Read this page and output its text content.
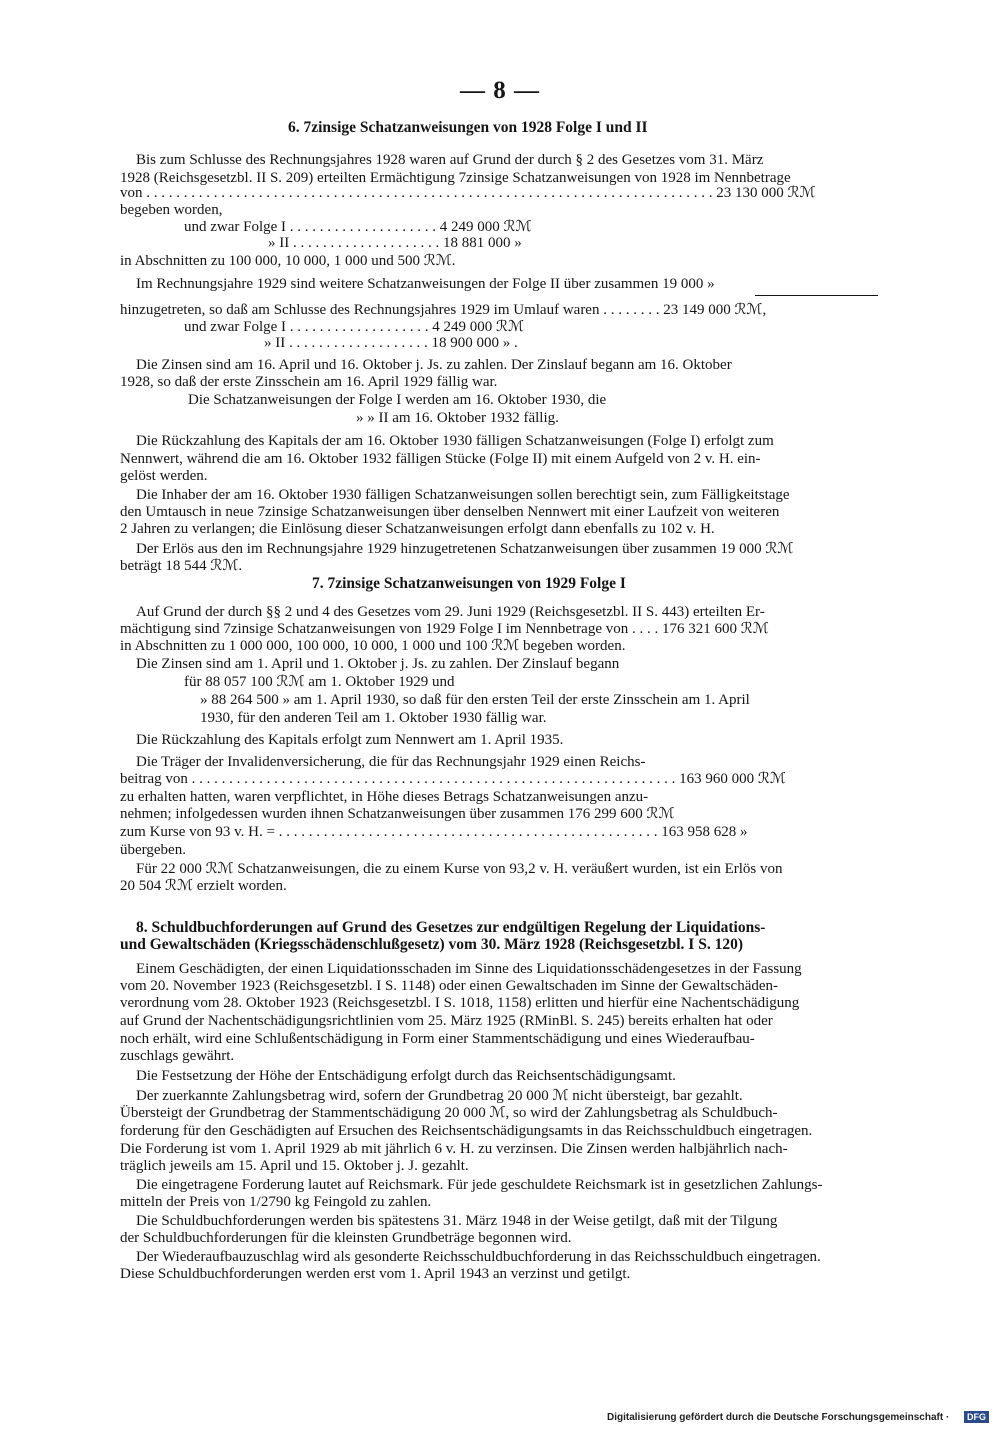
— 8 —
6. 7zinsige Schatzanweisungen von 1928 Folge I und II
Bis zum Schlusse des Rechnungsjahres 1928 waren auf Grund der durch § 2 des Gesetzes vom 31. März
1928 (Reichsgesetzbl. II S. 209) erteilten Ermächtigung 7zinsige Schatzanweisungen von 1928 im Nennbetrage
von . . . . . . . . . . . . . . . . . . . . . . . . . . . . . . . . . . . . . . . . . . . . . . . . . . . . . . . . . . . . . . . . . . . . . . . . . . . . 23 130 000 ℛℳ
begeben worden,
und zwar Folge I . . . . . . . . . . . . . . . . . . . . 4 249 000 ℛℳ
» II . . . . . . . . . . . . . . . . . . . . 18 881 000 »
in Abschnitten zu 100 000, 10 000, 1 000 und 500 ℛℳ.
Im Rechnungsjahre 1929 sind weitere Schatzanweisungen der Folge II über zusammen 19 000 »
hinzugetreten, so daß am Schlusse des Rechnungsjahres 1929 im Umlauf waren . . . . . . . . 23 149 000 ℛℳ,
und zwar Folge I . . . . . . . . . . . . . . . . . . . 4 249 000 ℛℳ
» II . . . . . . . . . . . . . . . . . . . 18 900 000 » .
Die Zinsen sind am 16. April und 16. Oktober j. Js. zu zahlen. Der Zinslauf begann am 16. Oktober
1928, so daß der erste Zinsschein am 16. April 1929 fällig war.
Die Schatzanweisungen der Folge I werden am 16. Oktober 1930, die
» » II am 16. Oktober 1932 fällig.
Die Rückzahlung des Kapitals der am 16. Oktober 1930 fälligen Schatzanweisungen (Folge I) erfolgt zum
Nennwert, während die am 16. Oktober 1932 fälligen Stücke (Folge II) mit einem Aufgeld von 2 v. H. ein-
gelöst werden.
Die Inhaber der am 16. Oktober 1930 fälligen Schatzanweisungen sollen berechtigt sein, zum Fälligkeitstage
den Umtausch in neue 7zinsige Schatzanweisungen über denselben Nennwert mit einer Laufzeit von weiteren
2 Jahren zu verlangen; die Einlösung dieser Schatzanweisungen erfolgt dann ebenfalls zu 102 v. H.
Der Erlös aus den im Rechnungsjahre 1929 hinzugetretenen Schatzanweisungen über zusammen 19 000 ℛℳ
beträgt 18 544 ℛℳ.
7. 7zinsige Schatzanweisungen von 1929 Folge I
Auf Grund der durch §§ 2 und 4 des Gesetzes vom 29. Juni 1929 (Reichsgesetzbl. II S. 443) erteilten Er-
mächtigung sind 7zinsige Schatzanweisungen von 1929 Folge I im Nennbetrage von . . . . 176 321 600 ℛℳ
in Abschnitten zu 1 000 000, 100 000, 10 000, 1 000 und 100 ℛℳ begeben worden.
Die Zinsen sind am 1. April und 1. Oktober j. Js. zu zahlen. Der Zinslauf begann
für 88 057 100 ℛℳ am 1. Oktober 1929 und
» 88 264 500 » am 1. April 1930, so daß für den ersten Teil der erste Zinsschein am 1. April
1930, für den anderen Teil am 1. Oktober 1930 fällig war.
Die Rückzahlung des Kapitals erfolgt zum Nennwert am 1. April 1935.
Die Träger der Invalidenversicherung, die für das Rechnungsjahr 1929 einen Reichs-
beitrag von . . . . . . . . . . . . . . . . . . . . . . . . . . . . . . . . . . . . . . . . . . . . . . . . . . . . . . . . . . . . . . . . . 163 960 000 ℛℳ
zu erhalten hatten, waren verpflichtet, in Höhe dieses Betrags Schatzanweisungen anzu-
nehmen; infolgedessen wurden ihnen Schatzanweisungen über zusammen 176 299 600 ℛℳ
zum Kurse von 93 v. H. = . . . . . . . . . . . . . . . . . . . . . . . . . . . . . . . . . . . . . . . . . . . . . . . . . . . 163 958 628 »
übergeben.
Für 22 000 ℛℳ Schatzanweisungen, die zu einem Kurse von 93,2 v. H. veräußert wurden, ist ein Erlös von
20 504 ℛℳ erzielt worden.
8. Schuldbuchforderungen auf Grund des Gesetzes zur endgültigen Regelung der Liquidations-
und Gewaltschäden (Kriegsschädenschlußgesetz) vom 30. März 1928 (Reichsgesetzbl. I S. 120)
Einem Geschädigten, der einen Liquidationsschaden im Sinne des Liquidationsschädengesetzes in der Fassung
vom 20. November 1923 (Reichsgesetzbl. I S. 1148) oder einen Gewaltschaden im Sinne der Gewaltschäden-
verordnung vom 28. Oktober 1923 (Reichsgesetzbl. I S. 1018, 1158) erlitten und hierfür eine Nachentschädigung
auf Grund der Nachentschädigungsrichtlinien vom 25. März 1925 (RMinBl. S. 245) bereits erhalten hat oder
noch erhält, wird eine Schlußentschädigung in Form einer Stammentschädigung und eines Wiederaufbau-
zuschlags gewährt.
Die Festsetzung der Höhe der Entschädigung erfolgt durch das Reichsentschädigungsamt.
Der zuerkannte Zahlungsbetrag wird, sofern der Grundbetrag 20 000 ℳ nicht übersteigt, bar gezahlt.
Übersteigt der Grundbetrag der Stammentschädigung 20 000 ℳ, so wird der Zahlungsbetrag als Schuldbuch-
forderung für den Geschädigten auf Ersuchen des Reichsentschädigungsamts in das Reichsschuldbuch eingetragen.
Die Forderung ist vom 1. April 1929 ab mit jährlich 6 v. H. zu verzinsen. Die Zinsen werden halbjährlich nach-
träglich jeweils am 15. April und 15. Oktober j. J. gezahlt.
Die eingetragene Forderung lautet auf Reichsmark. Für jede geschuldete Reichsmark ist in gesetzlichen Zahlungs-
mitteln der Preis von 1/2790 kg Feingold zu zahlen.
Die Schuldbuchforderungen werden bis spätestens 31. März 1948 in der Weise getilgt, daß mit der Tilgung
der Schuldbuchforderungen für die kleinsten Grundbeträge begonnen wird.
Der Wiederaufbauzuschlag wird als gesonderte Reichsschuldbuchforderung in das Reichsschuldbuch eingetragen.
Diese Schuldbuchforderungen werden erst vom 1. April 1943 an verzinst und getilgt.
Digitalisierung gefördert durch die Deutsche Forschungsgemeinschaft ·	DFG
